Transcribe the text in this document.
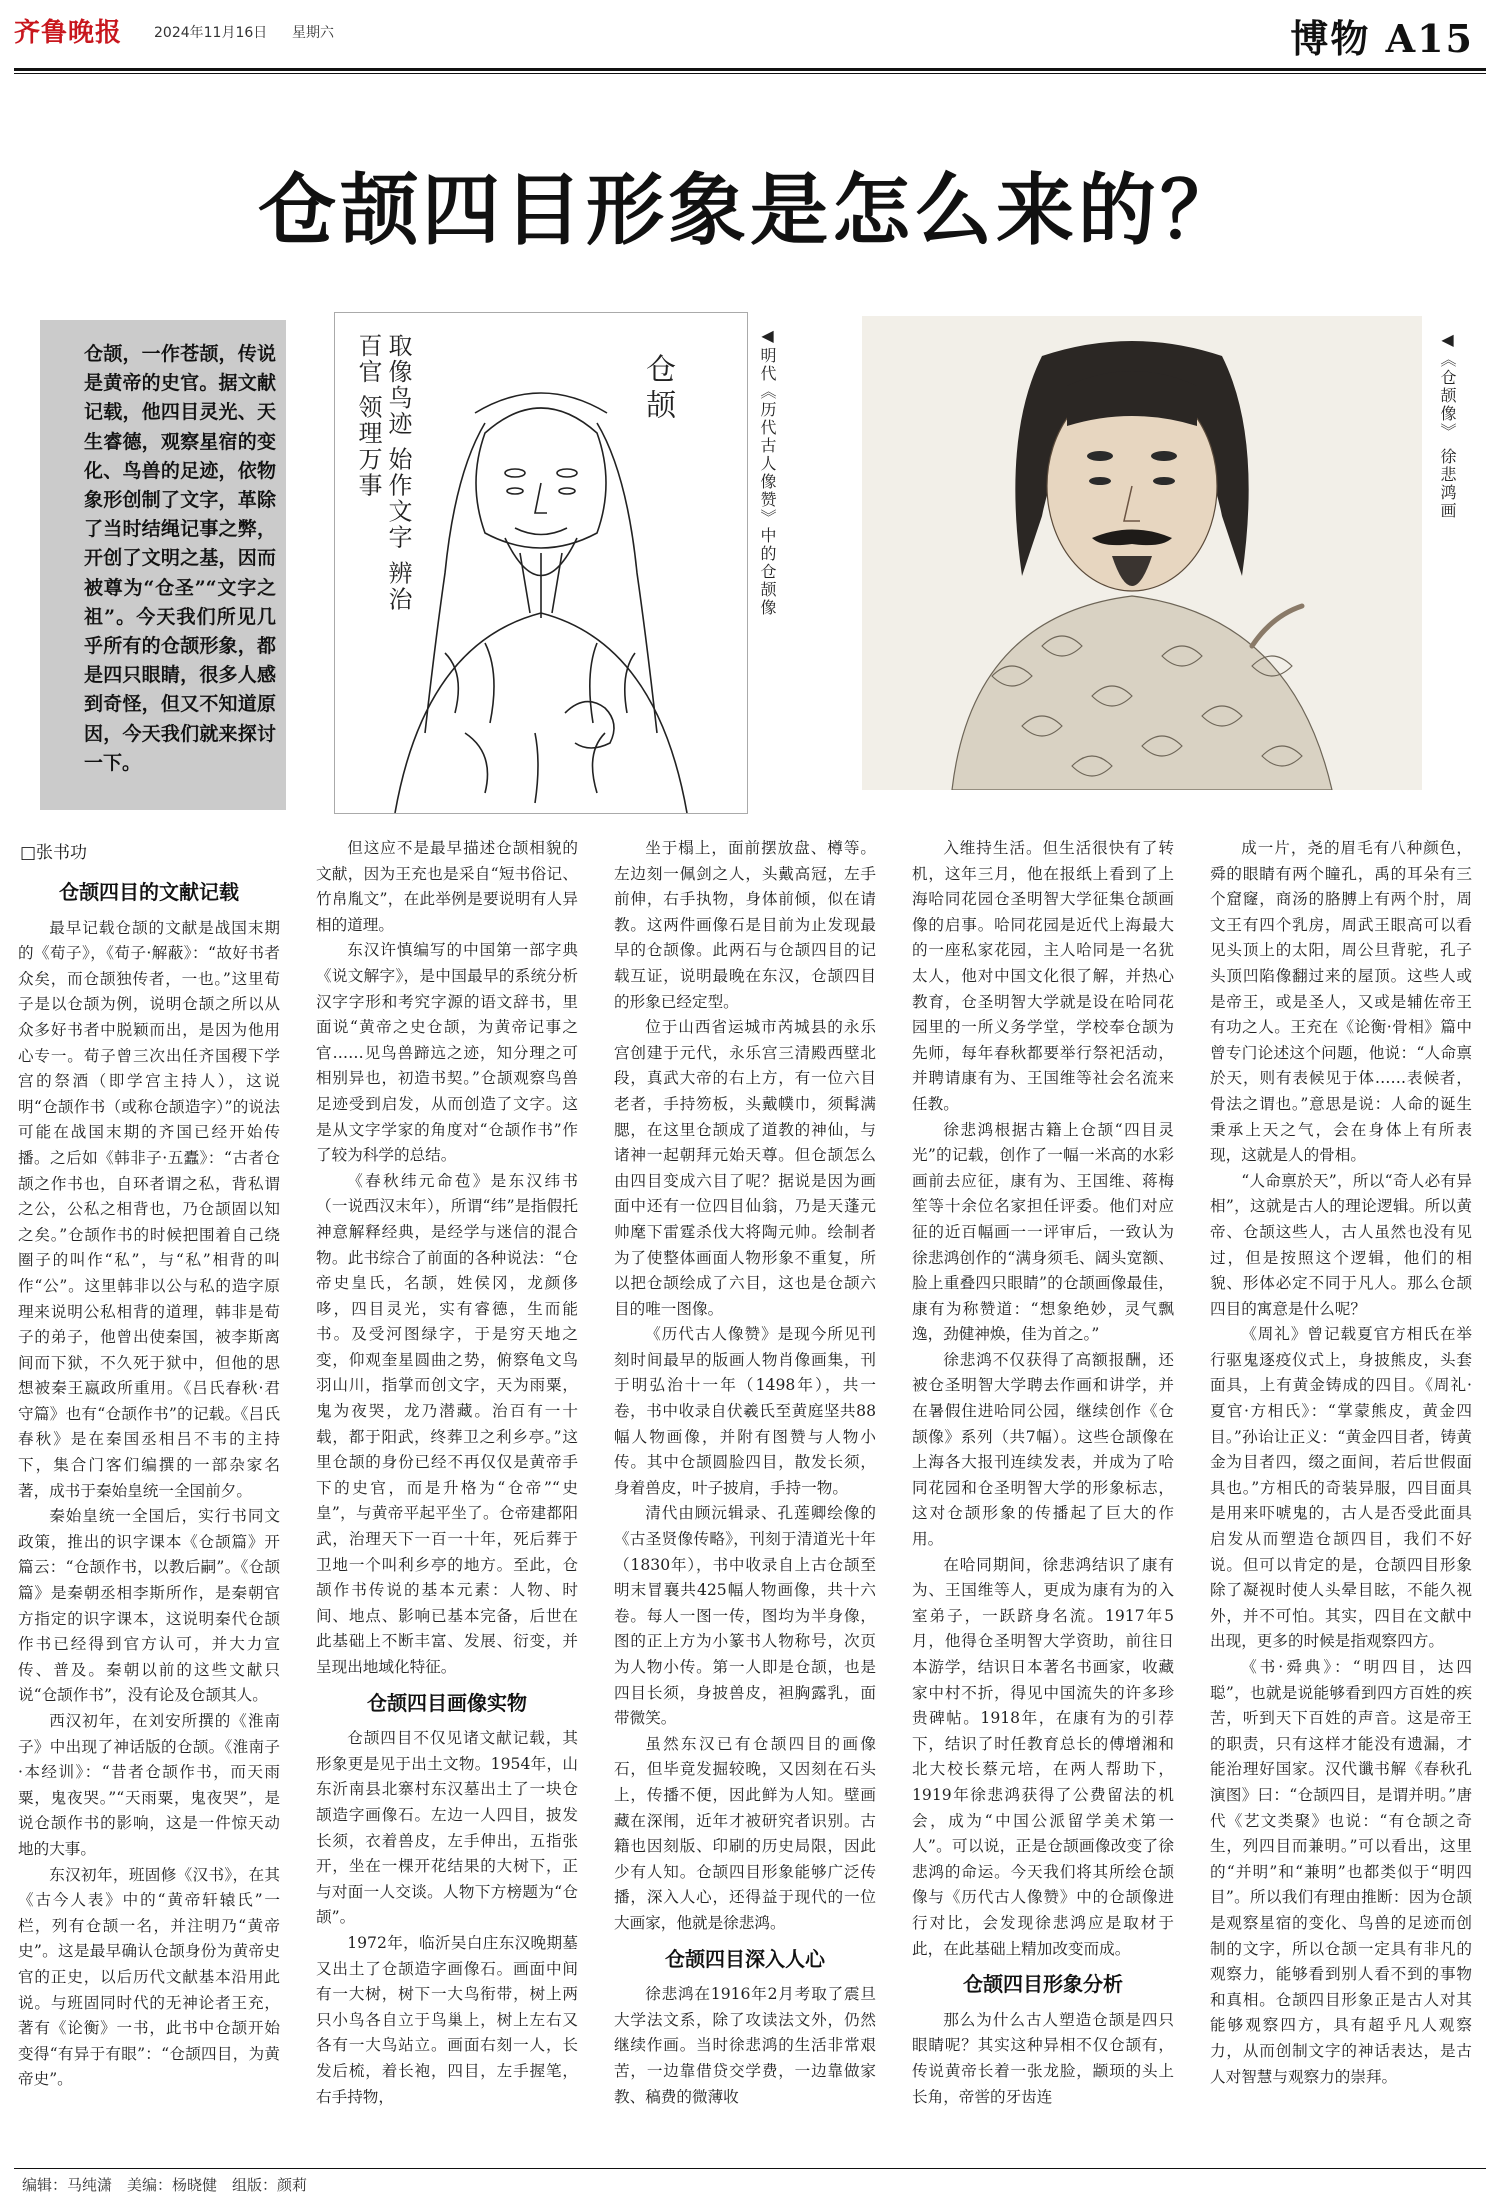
齐鲁晚报 2024年11月16日 星期六	博物 A15
仓颉四目形象是怎么来的？
仓颉，一作苍颉，传说是黄帝的史官。据文献记载，他四目灵光、天生睿德，观察星宿的变化、鸟兽的足迹，依物象形创制了文字，革除了当时结绳记事之弊，开创了文明之基，因而被尊为“仓圣”“文字之祖”。今天我们所见几乎所有的仓颉形象，都是四只眼睛，很多人感到奇怪，但又不知道原因，今天我们就来探讨一下。
仓颉
取像鸟迹 始作文字 辨治百官 领理万事	◀明代《历代古人像赞》中的仓颉像	◀《仓颉像》 徐悲鸿画
□张书功
仓颉四目的文献记载

最早记载仓颉的文献是战国末期的《荀子》，《荀子·解蔽》：“故好书者众矣，而仓颉独传者，一也。”这里荀子是以仓颉为例，说明仓颉之所以从众多好书者中脱颖而出，是因为他用心专一。荀子曾三次出任齐国稷下学宫的祭酒（即学宫主持人），这说明“仓颉作书（或称仓颉造字）”的说法可能在战国末期的齐国已经开始传播。之后如《韩非子·五蠹》：“古者仓颉之作书也，自环者谓之私，背私谓之公，公私之相背也，乃仓颉固以知之矣。”仓颉作书的时候把围着自己绕圈子的叫作“私”，与“私”相背的叫作“公”。这里韩非以公与私的造字原理来说明公私相背的道理，韩非是荀子的弟子，他曾出使秦国，被李斯离间而下狱，不久死于狱中，但他的思想被秦王嬴政所重用。《吕氏春秋·君守篇》也有“仓颉作书”的记载。《吕氏春秋》是在秦国丞相吕不韦的主持下，集合门客们编撰的一部杂家名著，成书于秦始皇统一全国前夕。

秦始皇统一全国后，实行书同文政策，推出的识字课本《仓颉篇》开篇云：“仓颉作书，以教后嗣”。《仓颉篇》是秦朝丞相李斯所作，是秦朝官方指定的识字课本，这说明秦代仓颉作书已经得到官方认可，并大力宣传、普及。秦朝以前的这些文献只说“仓颉作书”，没有论及仓颉其人。

西汉初年，在刘安所撰的《淮南子》中出现了神话版的仓颉。《淮南子·本经训》：“昔者仓颉作书，而天雨粟，鬼夜哭。”“天雨粟，鬼夜哭”，是说仓颉作书的影响，这是一件惊天动地的大事。

东汉初年，班固修《汉书》，在其《古今人表》中的“黄帝轩辕氏”一栏，列有仓颉一名，并注明乃“黄帝史”。这是最早确认仓颉身份为黄帝史官的正史，以后历代文献基本沿用此说。与班固同时代的无神论者王充，著有《论衡》一书，此书中仓颉开始变得“有异于有眼”：“仓颉四目，为黄帝史”。

但这应不是最早描述仓颉相貌的文献，因为王充也是采自“短书俗记、竹帛胤文”，在此举例是要说明有人异相的道理。

东汉许慎编写的中国第一部字典《说文解字》，是中国最早的系统分析汉字字形和考究字源的语文辞书，里面说“黄帝之史仓颉，为黄帝记事之官……见鸟兽蹄迒之迹，知分理之可相别异也，初造书契。”仓颉观察鸟兽足迹受到启发，从而创造了文字。这是从文字学家的角度对“仓颉作书”作了较为科学的总结。

《春秋纬元命苞》是东汉纬书（一说西汉末年），所谓“纬”是指假托神意解释经典，是经学与迷信的混合物。此书综合了前面的各种说法：“仓帝史皇氏，名颉，姓侯冈，龙颜侈哆，四目灵光，实有睿德，生而能书。及受河图绿字，于是穷天地之变，仰观奎星圆曲之势，俯察龟文鸟羽山川，指掌而创文字，天为雨粟，鬼为夜哭，龙乃潜藏。治百有一十载，都于阳武，终葬卫之利乡亭。”这里仓颉的身份已经不再仅仅是黄帝手下的史官，而是升格为“仓帝”“史皇”，与黄帝平起平坐了。仓帝建都阳武，治理天下一百一十年，死后葬于卫地一个叫利乡亭的地方。至此，仓颉作书传说的基本元素：人物、时间、地点、影响已基本完备，后世在此基础上不断丰富、发展、衍变，并呈现出地域化特征。

仓颉四目画像实物

仓颉四目不仅见诸文献记载，其形象更是见于出土文物。1954年，山东沂南县北寨村东汉墓出土了一块仓颉造字画像石。左边一人四目，披发长须，衣着兽皮，左手伸出，五指张开，坐在一棵开花结果的大树下，正与对面一人交谈。人物下方榜题为“仓颉”。

1972年，临沂吴白庄东汉晚期墓又出土了仓颉造字画像石。画面中间有一大树，树下一大鸟衔带，树上两只小鸟各自立于鸟巢上，树上左右又各有一大鸟站立。画面右刻一人，长发后梳，着长袍，四目，左手握笔，右手持物，

坐于榻上，面前摆放盘、樽等。左边刻一佩剑之人，头戴高冠，左手前伸，右手执物，身体前倾，似在请教。这两件画像石是目前为止发现最早的仓颉像。此两石与仓颉四目的记载互证，说明最晚在东汉，仓颉四目的形象已经定型。

位于山西省运城市芮城县的永乐宫创建于元代，永乐宫三清殿西壁北段，真武大帝的右上方，有一位六目老者，手持笏板，头戴幞巾，须髯满腮，在这里仓颉成了道教的神仙，与诸神一起朝拜元始天尊。但仓颉怎么由四目变成六目了呢？据说是因为画面中还有一位四目仙翁，乃是天蓬元帅麾下雷霆杀伐大将陶元帅。绘制者为了使整体画面人物形象不重复，所以把仓颉绘成了六目，这也是仓颉六目的唯一图像。

《历代古人像赞》是现今所见刊刻时间最早的版画人物肖像画集，刊于明弘治十一年（1498年），共一卷，书中收录自伏羲氏至黄庭坚共88幅人物画像，并附有图赞与人物小传。其中仓颉圆脸四目，散发长须，身着兽皮，叶子披肩，手持一物。

清代由顾沅辑录、孔莲卿绘像的《古圣贤像传略》，刊刻于清道光十年（1830年），书中收录自上古仓颉至明末冒襄共425幅人物画像，共十六卷。每人一图一传，图均为半身像，图的正上方为小篆书人物称号，次页为人物小传。第一人即是仓颉，也是四目长须，身披兽皮，袒胸露乳，面带微笑。

虽然东汉已有仓颉四目的画像石，但毕竟发掘较晚，又因刻在石头上，传播不便，因此鲜为人知。壁画藏在深闱，近年才被研究者识别。古籍也因刻版、印刷的历史局限，因此少有人知。仓颉四目形象能够广泛传播，深入人心，还得益于现代的一位大画家，他就是徐悲鸿。

仓颉四目深入人心

徐悲鸿在1916年2月考取了震旦大学法文系，除了攻读法文外，仍然继续作画。当时徐悲鸿的生活非常艰苦，一边靠借贷交学费，一边靠做家教、稿费的微薄收

入维持生活。但生活很快有了转机，这年三月，他在报纸上看到了上海哈同花园仓圣明智大学征集仓颉画像的启事。哈同花园是近代上海最大的一座私家花园，主人哈同是一名犹太人，他对中国文化很了解，并热心教育，仓圣明智大学就是设在哈同花园里的一所义务学堂，学校奉仓颉为先师，每年春秋都要举行祭祀活动，并聘请康有为、王国维等社会名流来任教。

徐悲鸿根据古籍上仓颉“四目灵光”的记载，创作了一幅一米高的水彩画前去应征，康有为、王国维、蒋梅笙等十余位名家担任评委。他们对应征的近百幅画一一评审后，一致认为徐悲鸿创作的“满身须毛、阔头宽额、脸上重叠四只眼睛”的仓颉画像最佳，康有为称赞道：“想象绝妙，灵气飘逸，劲健神焕，佳为首之。”

徐悲鸿不仅获得了高额报酬，还被仓圣明智大学聘去作画和讲学，并在暑假住进哈同公园，继续创作《仓颉像》系列（共7幅）。这些仓颉像在上海各大报刊连续发表，并成为了哈同花园和仓圣明智大学的形象标志，这对仓颉形象的传播起了巨大的作用。

在哈同期间，徐悲鸿结识了康有为、王国维等人，更成为康有为的入室弟子，一跃跻身名流。1917年5月，他得仓圣明智大学资助，前往日本游学，结识日本著名书画家，收藏家中村不折，得见中国流失的许多珍贵碑帖。1918年，在康有为的引荐下，结识了时任教育总长的傅增湘和北大校长蔡元培，在两人帮助下，1919年徐悲鸿获得了公费留法的机会，成为“中国公派留学美术第一人”。可以说，正是仓颉画像改变了徐悲鸿的命运。今天我们将其所绘仓颉像与《历代古人像赞》中的仓颉像进行对比，会发现徐悲鸿应是取材于此，在此基础上精加改变而成。

仓颉四目形象分析

那么为什么古人塑造仓颉是四只眼睛呢？其实这种异相不仅仓颉有，传说黄帝长着一张龙脸，颛顼的头上长角，帝喾的牙齿连

成一片，尧的眉毛有八种颜色，舜的眼睛有两个瞳孔，禹的耳朵有三个窟窿，商汤的胳膊上有两个肘，周文王有四个乳房，周武王眼高可以看见头顶上的太阳，周公旦背驼，孔子头顶凹陷像翻过来的屋顶。这些人或是帝王，或是圣人，又或是辅佐帝王有功之人。王充在《论衡·骨相》篇中曾专门论述这个问题，他说：“人命禀於天，则有表候见于体……表候者，骨法之谓也。”意思是说：人命的诞生秉承上天之气，会在身体上有所表现，这就是人的骨相。

“人命禀於天”，所以“奇人必有异相”，这就是古人的理论逻辑。所以黄帝、仓颉这些人，古人虽然也没有见过，但是按照这个逻辑，他们的相貌、形体必定不同于凡人。那么仓颉四目的寓意是什么呢？

《周礼》曾记载夏官方相氏在举行驱鬼逐疫仪式上，身披熊皮，头套面具，上有黄金铸成的四目。《周礼·夏官·方相氏》：“掌蒙熊皮，黄金四目。”孙诒让正义：“黄金四目者，铸黄金为目者四，缀之面间，若后世假面具也。”方相氏的奇装异服，四目面具是用来吓唬鬼的，古人是否受此面具启发从而塑造仓颉四目，我们不好说。但可以肯定的是，仓颉四目形象除了凝视时使人头晕目眩，不能久视外，并不可怕。其实，四目在文献中出现，更多的时候是指观察四方。

《书·舜典》：“明四目，达四聪”，也就是说能够看到四方百姓的疾苦，听到天下百姓的声音。这是帝王的职责，只有这样才能没有遗漏，才能治理好国家。汉代谶书解《春秋孔演图》曰：“仓颉四目，是谓并明。”唐代《艺文类聚》也说：“有仓颉之奇生，列四目而兼明。”可以看出，这里的“并明”和“兼明”也都类似于“明四目”。所以我们有理由推断：因为仓颉是观察星宿的变化、鸟兽的足迹而创制的文字，所以仓颉一定具有非凡的观察力，能够看到别人看不到的事物和真相。仓颉四目形象正是古人对其能够观察四方，具有超乎凡人观察力，从而创制文字的神话表达，是古人对智慧与观察力的崇拜。

编辑：马纯潇　美编：杨晓健　组版：颜莉
